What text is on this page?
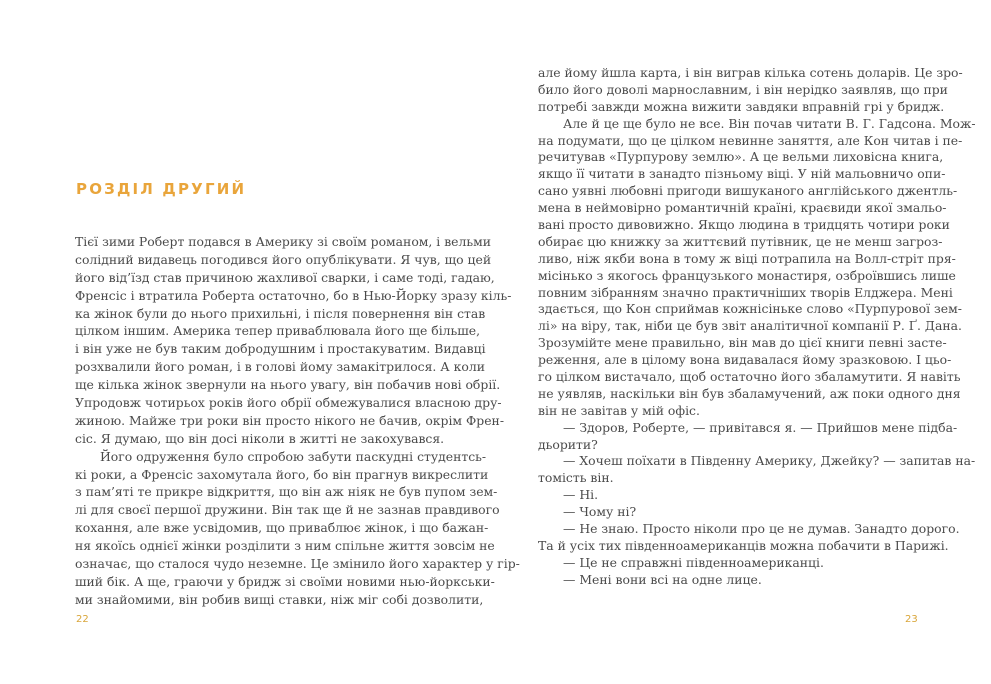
РОЗДІЛ ДРУГИЙ
Тієї зими Роберт подався в Америку зі своїм романом, і вельми
солідний видавець погодився його опублікувати. Я чув, що цей
його від’їзд став причиною жахливої сварки, і саме тоді, гадаю,
Френсіс і втратила Роберта остаточно, бо в Нью-Йорку зразу кіль-
ка жінок були до нього прихильні, і після повернення він став
цілком іншим. Америка тепер приваблювала його ще більше,
і він уже не був таким добродушним і простакуватим. Видавці
розхвалили його роман, і в голові йому замакітрилося. А коли
ще кілька жінок звернули на нього увагу, він побачив нові обрії.
Упродовж чотирьох років його обрії обмежувалися власною дру-
жиною. Майже три роки він просто нікого не бачив, окрім Френ-
сіс. Я думаю, що він досі ніколи в житті не закохувався.
Його одруження було спробою забути паскудні студентсь-
кі роки, а Френсіс захомутала його, бо він прагнув викреслити
з пам’яті те прикре відкриття, що він аж ніяк не був пупом зем-
лі для своєї першої дружини. Він так ще й не зазнав правдивого
кохання, але вже усвідомив, що приваблює жінок, і що бажан-
ня якоїсь однієї жінки розділити з ним спільне життя зовсім не
означає, що сталося чудо неземне. Це змінило його характер у гір-
ший бік. А ще, граючи у бридж зі своїми новими нью-йоркськи-
ми знайомими, він робив вищі ставки, ніж міг собі дозволити,
22
але йому йшла карта, і він виграв кілька сотень доларів. Це зро-
било його доволі марнославним, і він нерідко заявляв, що при
потребі завжди можна вижити завдяки вправній грі у бридж.
Але й це ще було не все. Він почав читати В. Г. Гадсона. Мож-
на подумати, що це цілком невинне заняття, але Кон читав і пе-
речитував «Пурпурову землю». А це вельми лиховісна книга,
якщо її читати в занадто пізньому віці. У ній мальовничо опи-
сано уявні любовні пригоди вишуканого англійського джентль-
мена в неймовірно романтичній країні, краєвиди якої змальо-
вані просто дивовижно. Якщо людина в тридцять чотири роки
обирає цю книжку за життєвий путівник, це не менш загроз-
ливо, ніж якби вона в тому ж віці потрапила на Волл-стріт пря-
місінько з якогось французького монастиря, озброївшись лише
повним зібранням значно практичніших творів Елджера. Мені
здається, що Кон сприймав кожнісіньке слово «Пурпурової зем-
лі» на віру, так, ніби це був звіт аналітичної компанії Р. Ґ. Дана.
Зрозумійте мене правильно, він мав до цієї книги певні засте-
реження, але в цілому вона видавалася йому зразковою. І цьо-
го цілком вистачало, щоб остаточно його збаламутити. Я навіть
не уявляв, наскільки він був збаламучений, аж поки одного дня
він не завітав у мій офіс.
— Здоров, Роберте, — привітався я. — Прийшов мене підба-
дьорити?
— Хочеш поїхати в Південну Америку, Джейку? — запитав на-
томість він.
— Ні.
— Чому ні?
— Не знаю. Просто ніколи про це не думав. Занадто дорого.
Та й усіх тих південноамериканців можна побачити в Парижі.
— Це не справжні південноамериканці.
— Мені вони всі на одне лице.
23
